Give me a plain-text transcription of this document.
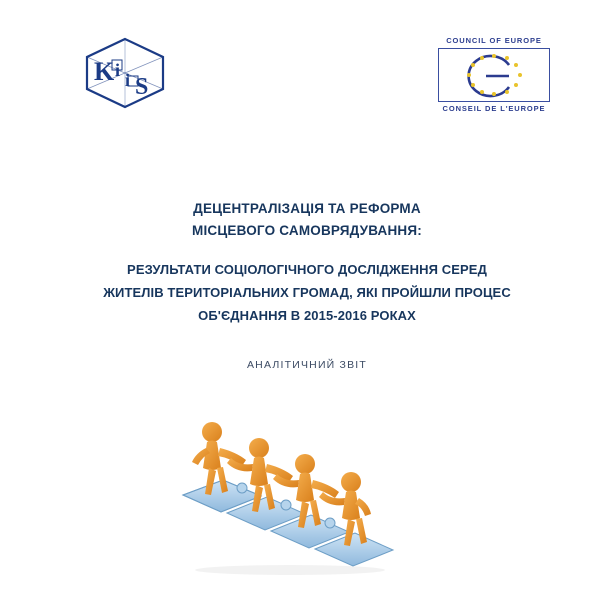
K i i S
COUNCIL OF EUROPE
CONSEIL DE L'EUROPE
ДЕЦЕНТРАЛІЗАЦІЯ ТА РЕФОРМА
МІСЦЕВОГО САМОВРЯДУВАННЯ:
РЕЗУЛЬТАТИ СОЦІОЛОГІЧНОГО ДОСЛІДЖЕННЯ СЕРЕД
ЖИТЕЛІВ ТЕРИТОРІАЛЬНИХ ГРОМАД, ЯКІ ПРОЙШЛИ ПРОЦЕС
ОБ'ЄДНАННЯ В 2015-2016 РОКАХ
АНАЛІТИЧНИЙ ЗВІТ
